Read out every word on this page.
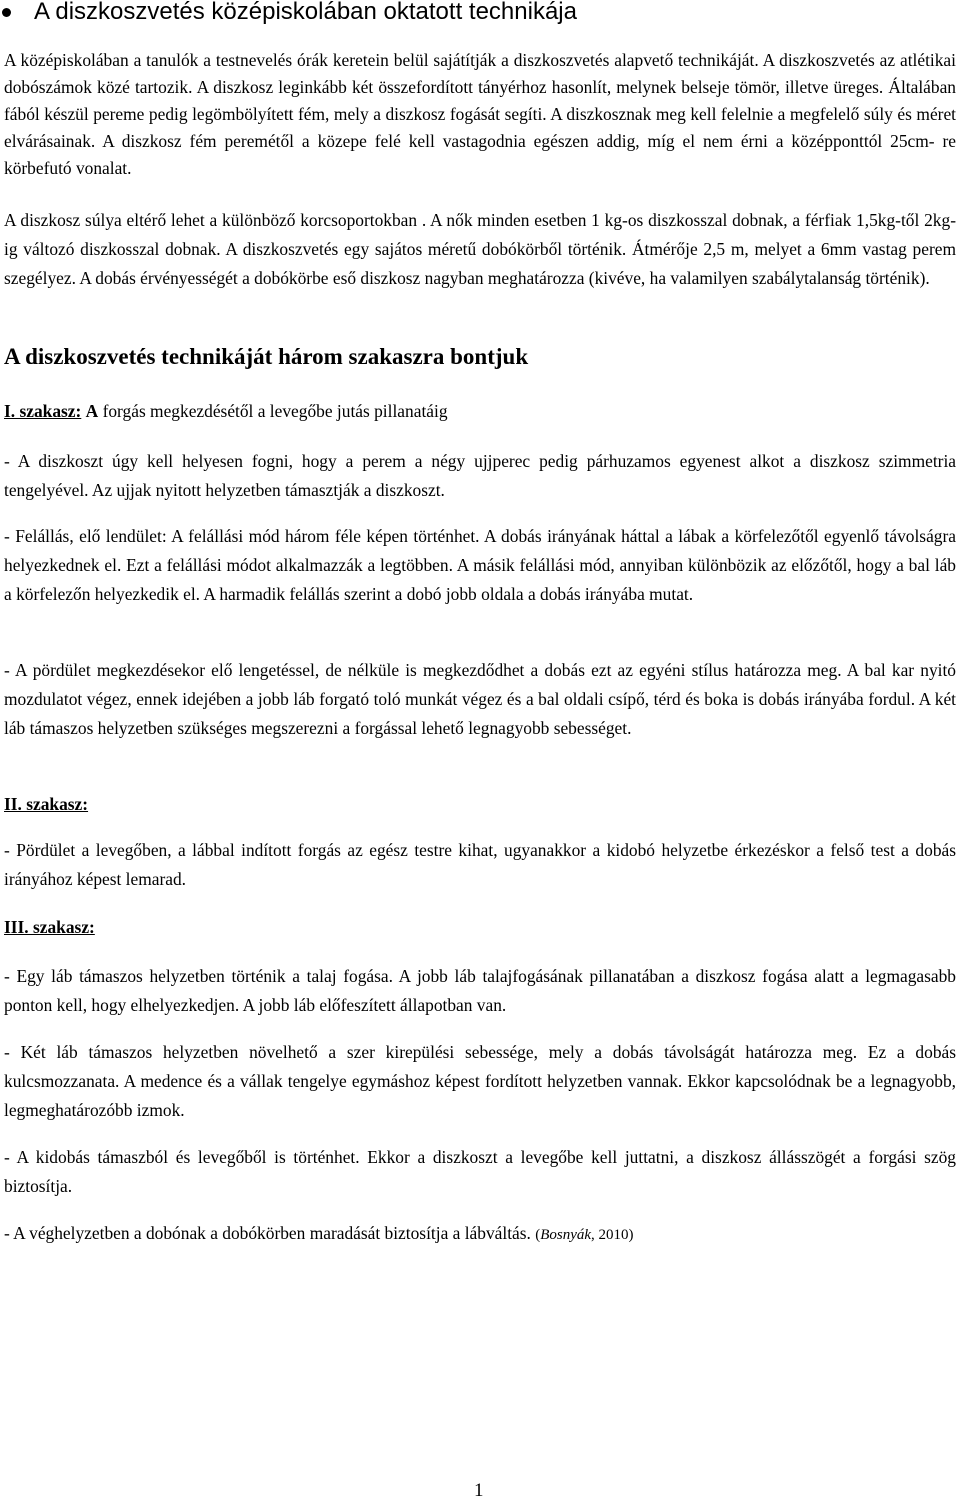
A diszkoszvetés középiskolában oktatott technikája

A középiskolában a tanulók a testnevelés órák keretein belül sajátítják a diszkoszvetés alapvető technikáját. A diszkoszvetés az atlétikai dobószámok közé tartozik. A diszkosz leginkább két összefordított tányérhoz hasonlít, melynek belseje tömör, illetve üreges. Általában fából készül pereme pedig legömbölyített fém, mely a diszkosz fogását segíti. A diszkosznak meg kell felelnie a megfelelő súly és méret elvárásainak. A diszkosz fém peremétől a közepe felé kell vastagodnia egészen addig, míg el nem érni a középponttól 25cm- re körbefutó vonalat.

A diszkosz súlya eltérő lehet a különböző korcsoportokban . A nők minden esetben 1 kg-os diszkosszal dobnak, a férfiak 1,5kg-től 2kg-ig változó diszkosszal dobnak. A diszkoszvetés egy sajátos méretű dobókörből történik. Átmérője 2,5 m, melyet a 6mm vastag perem szegélyez. A dobás érvényességét a dobókörbe eső diszkosz nagyban meghatározza (kivéve, ha valamilyen szabálytalanság történik).

A diszkoszvetés technikáját három szakaszra bontjuk
I. szakasz: A forgás megkezdésétől a levegőbe jutás pillanatáig

- A diszkoszt úgy kell helyesen fogni, hogy a perem a négy ujjperec pedig párhuzamos egyenest alkot a diszkosz szimmetria tengelyével. Az ujjak nyitott helyzetben támasztják a diszkoszt.

- Felállás, elő lendület: A felállási mód három féle képen történhet. A dobás irányának háttal a lábak a körfelezőtől egyenlő távolságra helyezkednek el. Ezt a felállási módot alkalmazzák a legtöbben. A másik felállási mód, annyiban különbözik az előzőtől, hogy a bal láb a körfelezőn helyezkedik el. A harmadik felállás szerint a dobó jobb oldala a dobás irányába mutat.

- A pördület megkezdésekor elő lengetéssel, de nélküle is megkezdődhet a dobás ezt az egyéni stílus határozza meg. A bal kar nyitó mozdulatot végez, ennek idejében a jobb láb forgató toló munkát végez és a bal oldali csípő, térd és boka is dobás irányába fordul. A két láb támaszos helyzetben szükséges megszerezni a forgással lehető legnagyobb sebességet.

II. szakasz:

- Pördület a levegőben, a lábbal indított forgás az egész testre kihat, ugyanakkor a kidobó helyzetbe érkezéskor a felső test a dobás irányához képest lemarad.

III. szakasz:

- Egy láb támaszos helyzetben történik a talaj fogása. A jobb láb talajfogásának pillanatában a diszkosz fogása alatt a legmagasabb ponton kell, hogy elhelyezkedjen. A jobb láb előfeszített állapotban van.

- Két láb támaszos helyzetben növelhető a szer kirepülési sebessége, mely a dobás távolságát határozza meg. Ez a dobás kulcsmozzanata. A medence és a vállak tengelye egymáshoz képest fordított helyzetben vannak. Ekkor kapcsolódnak be a legnagyobb, legmeghatározóbb izmok.

- A kidobás támaszból és levegőből is történhet. Ekkor a diszkoszt a levegőbe kell juttatni, a diszkosz állásszögét a forgási szög biztosítja.

- A véghelyzetben a dobónak a dobókörben maradását biztosítja a lábváltás. (Bosnyák, 2010)

1
